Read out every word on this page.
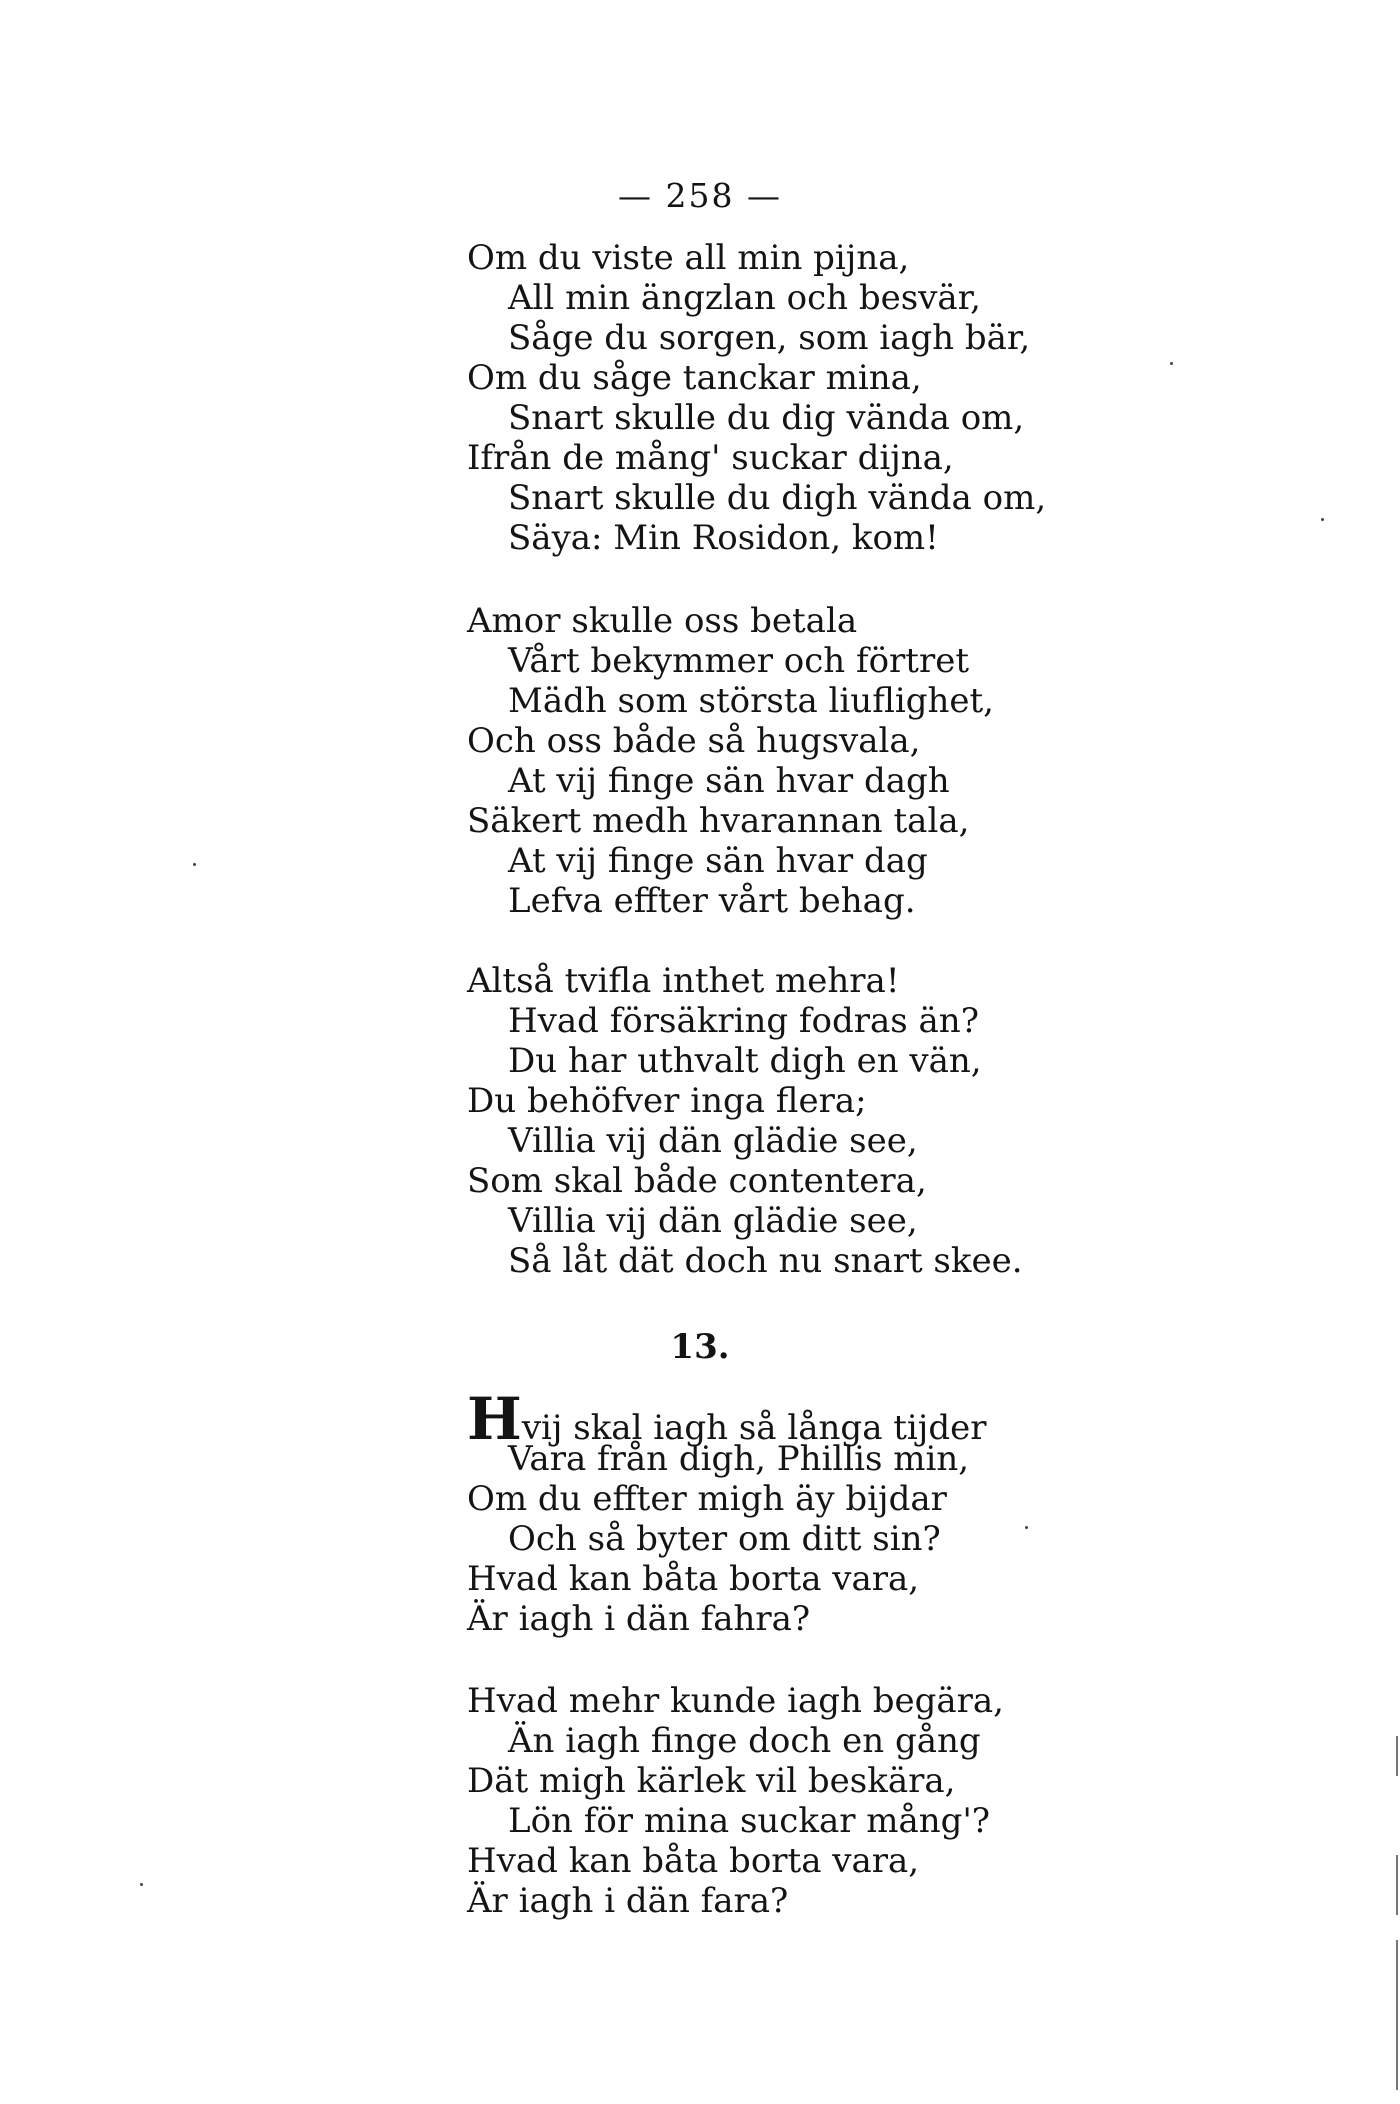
— 258 —
Om du viste all min pijna,
All min ängzlan och besvär,
Såge du sorgen, som iagh bär,
Om du såge tanckar mina,
Snart skulle du dig vända om,
Ifrån de mång' suckar dijna,
Snart skulle du digh vända om,
Säya: Min Rosidon, kom!
Amor skulle oss betala
Vårt bekymmer och förtret
Mädh som största liuflighet,
Och oss både så hugsvala,
At vij finge sän hvar dagh
Säkert medh hvarannan tala,
At vij finge sän hvar dag
Lefva effter vårt behag.
Altså tvifla inthet mehra!
Hvad försäkring fodras än?
Du har uthvalt digh en vän,
Du behöfver inga flera;
Villia vij dän glädie see,
Som skal både contentera,
Villia vij dän glädie see,
Så låt dät doch nu snart skee.
13.
Hvij skal iagh så långa tijder
Vara från digh, Phillis min,
Om du effter migh äy bijdar
Och så byter om ditt sin?
Hvad kan båta borta vara,
Är iagh i dän fahra?
Hvad mehr kunde iagh begära,
Än iagh finge doch en gång
Dät migh kärlek vil beskära,
Lön för mina suckar mång'?
Hvad kan båta borta vara,
Är iagh i dän fara?
